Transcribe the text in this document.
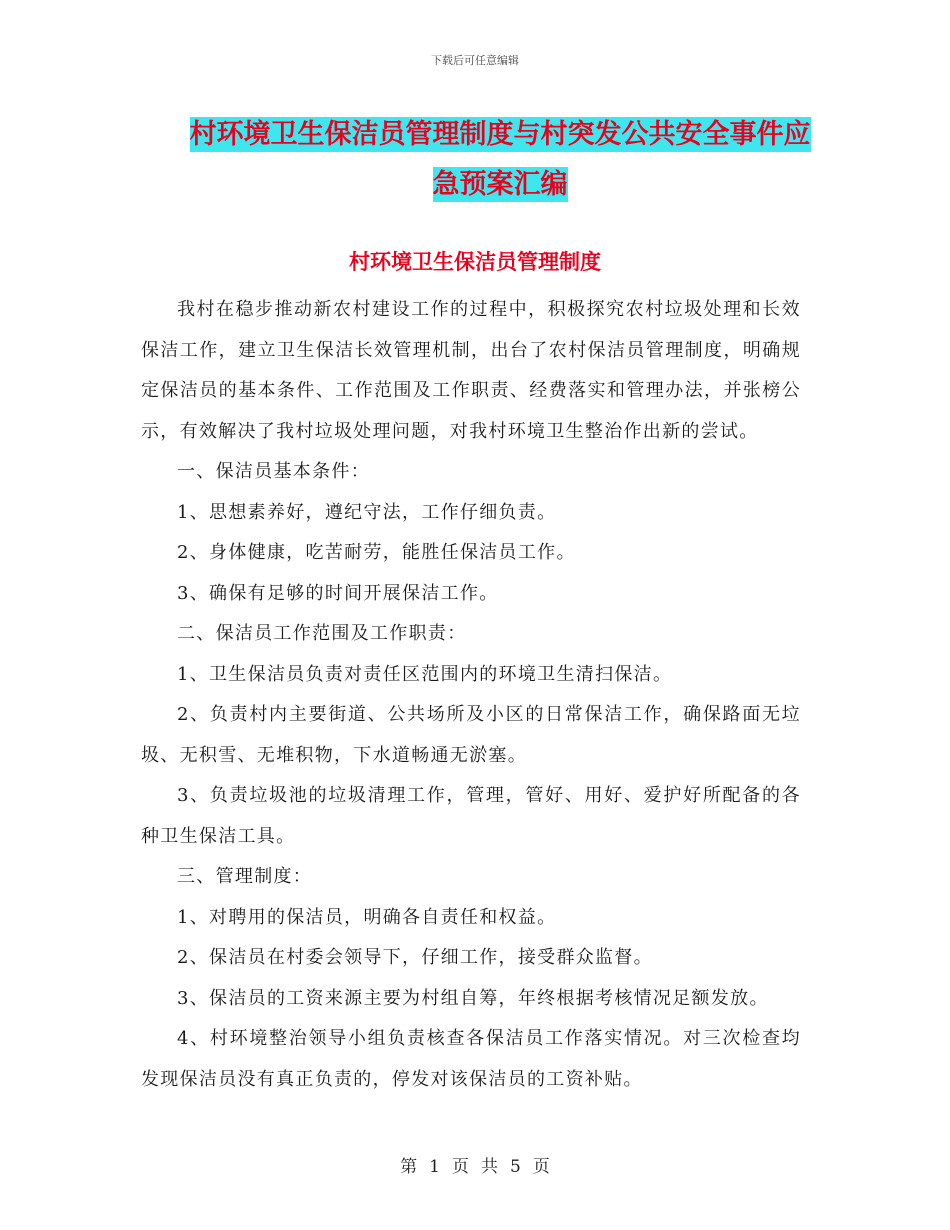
下载后可任意编辑
村环境卫生保洁员管理制度与村突发公共安全事件应
急预案汇编
村环境卫生保洁员管理制度

我村在稳步推动新农村建设工作的过程中，积极探究农村垃圾处理和长效保洁工作，建立卫生保洁长效管理机制，出台了农村保洁员管理制度，明确规定保洁员的基本条件、工作范围及工作职责、经费落实和管理办法，并张榜公示，有效解决了我村垃圾处理问题，对我村环境卫生整治作出新的尝试。

一、保洁员基本条件：

1、思想素养好，遵纪守法，工作仔细负责。

2、身体健康，吃苦耐劳，能胜任保洁员工作。

3、确保有足够的时间开展保洁工作。

二、保洁员工作范围及工作职责：

1、卫生保洁员负责对责任区范围内的环境卫生清扫保洁。

2、负责村内主要街道、公共场所及小区的日常保洁工作，确保路面无垃圾、无积雪、无堆积物，下水道畅通无淤塞。

3、负责垃圾池的垃圾清理工作，管理，管好、用好、爱护好所配备的各种卫生保洁工具。

三、管理制度：

1、对聘用的保洁员，明确各自责任和权益。

2、保洁员在村委会领导下，仔细工作，接受群众监督。

3、保洁员的工资来源主要为村组自筹，年终根据考核情况足额发放。

4、村环境整治领导小组负责核查各保洁员工作落实情况。对三次检查均发现保洁员没有真正负责的，停发对该保洁员的工资补贴。

第 1 页 共 5 页
